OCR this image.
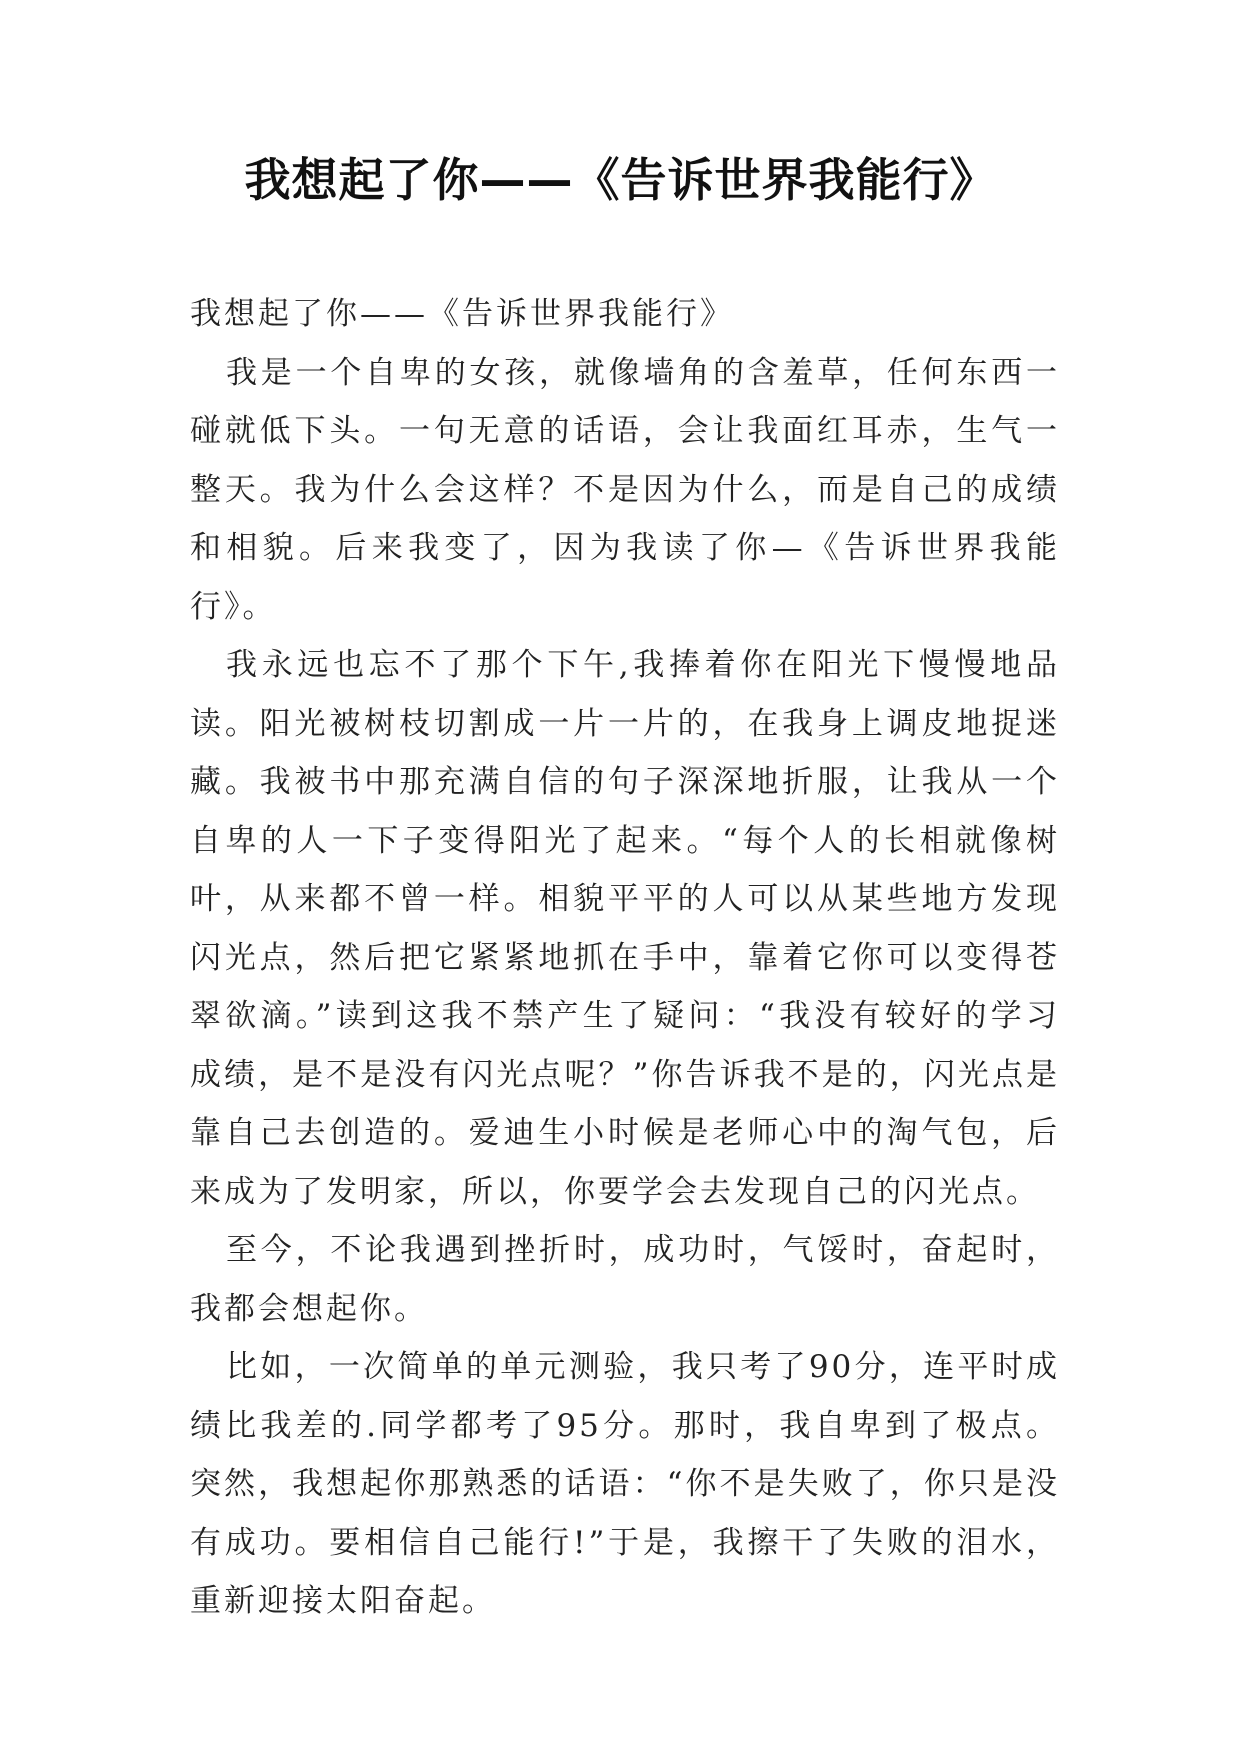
我想起了你——《告诉世界我能行》

我想起了你——《告诉世界我能行》

我是一个自卑的女孩，就像墙角的含羞草，任何东西一碰就低下头。一句无意的话语，会让我面红耳赤，生气一整天。我为什么会这样？不是因为什么，而是自己的成绩和相貌。后来我变了，因为我读了你—《告诉世界我能行》。

我永远也忘不了那个下午,我捧着你在阳光下慢慢地品读。阳光被树枝切割成一片一片的，在我身上调皮地捉迷藏。我被书中那充满自信的句子深深地折服，让我从一个自卑的人一下子变得阳光了起来。“每个人的长相就像树叶，从来都不曾一样。相貌平平的人可以从某些地方发现闪光点，然后把它紧紧地抓在手中，靠着它你可以变得苍翠欲滴。”读到这我不禁产生了疑问：“我没有较好的学习成绩，是不是没有闪光点呢？”你告诉我不是的，闪光点是靠自己去创造的。爱迪生小时候是老师心中的淘气包，后来成为了发明家，所以，你要学会去发现自己的闪光点。

至今，不论我遇到挫折时，成功时，气馁时，奋起时，我都会想起你。

比如，一次简单的单元测验，我只考了90分，连平时成绩比我差的.同学都考了95分。那时，我自卑到了极点。突然，我想起你那熟悉的话语：“你不是失败了，你只是没有成功。要相信自己能行!”于是，我擦干了失败的泪水，重新迎接太阳奋起。
